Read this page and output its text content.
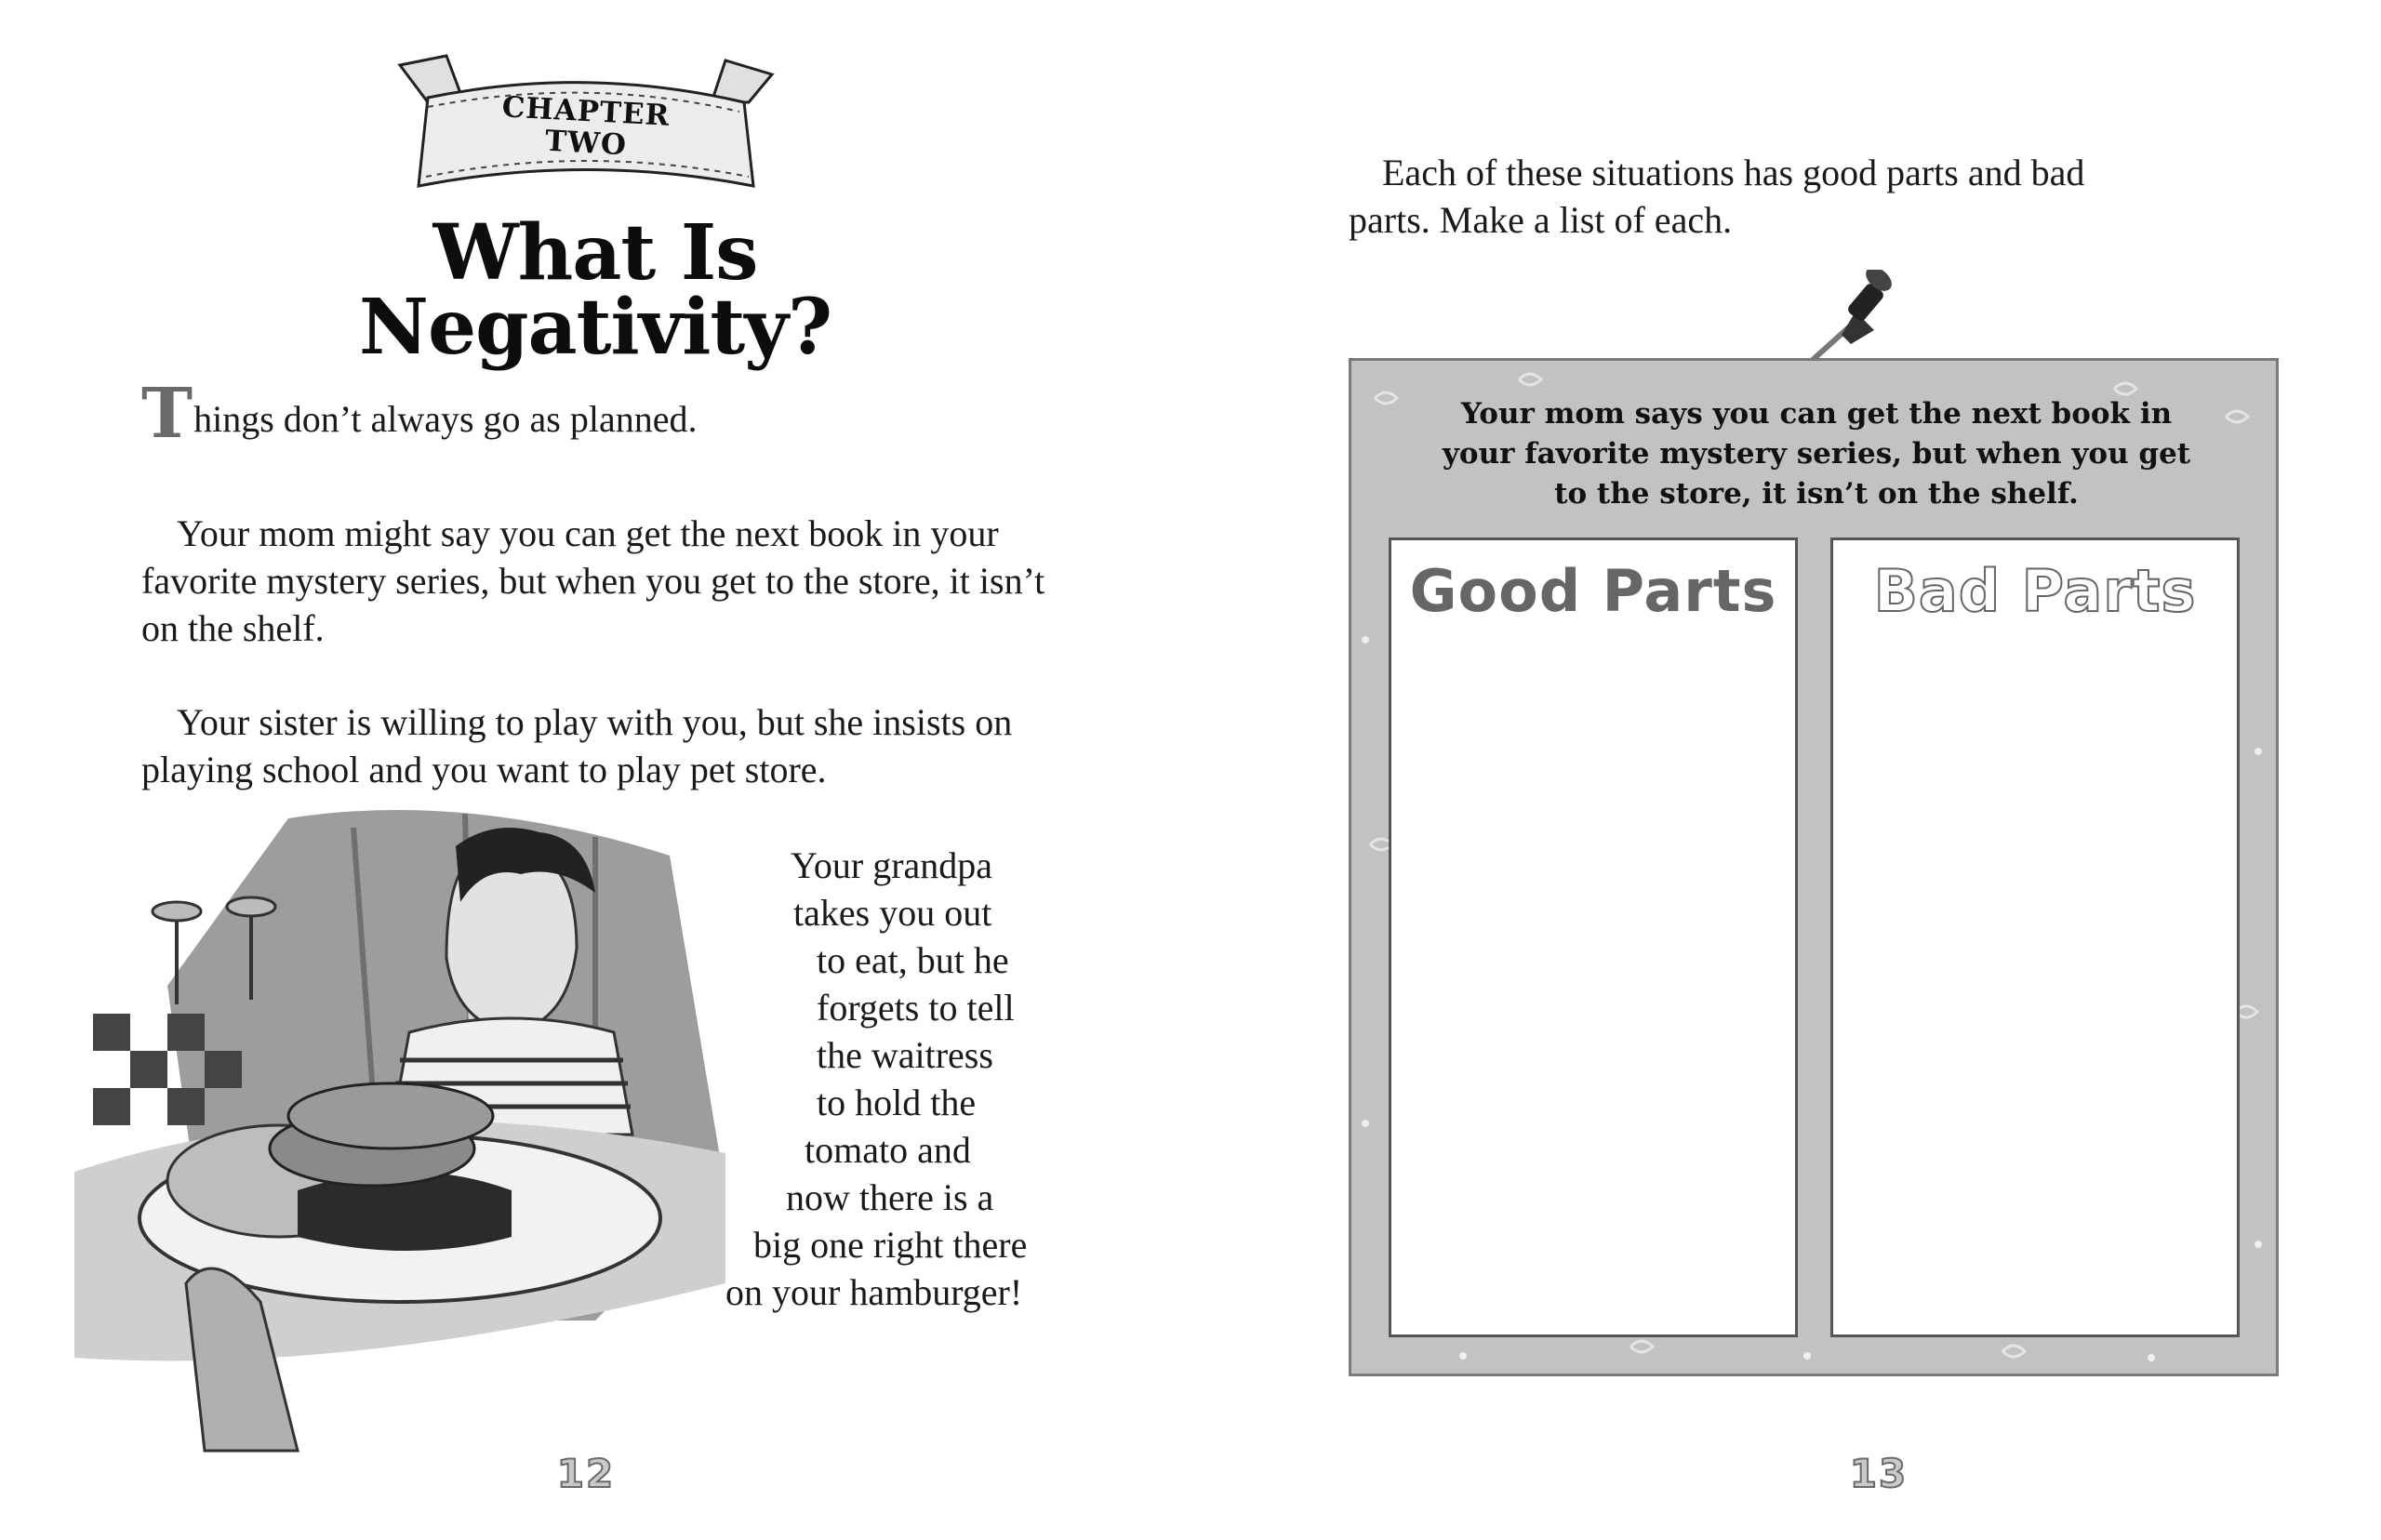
CHAPTER
TWO
What Is
Negativity?

Things don’t always go as planned.

Your mom might say you can get the next book in your favorite mystery series, but when you get to the store, it isn’t on the shelf.

Your sister is willing to play with you, but she insists on playing school and you want to play pet store.

Your grandpa
takes you out
to eat, but he
forgets to tell
the waitress
to hold the
tomato and
now there is a
big one right there
on your hamburger!

12

Each of these situations has good parts and bad
parts. Make a list of each.

Your mom says you can get the next book in
your favorite mystery series, but when you get
to the store, it isn’t on the shelf.
Good Parts	Bad Parts
13
